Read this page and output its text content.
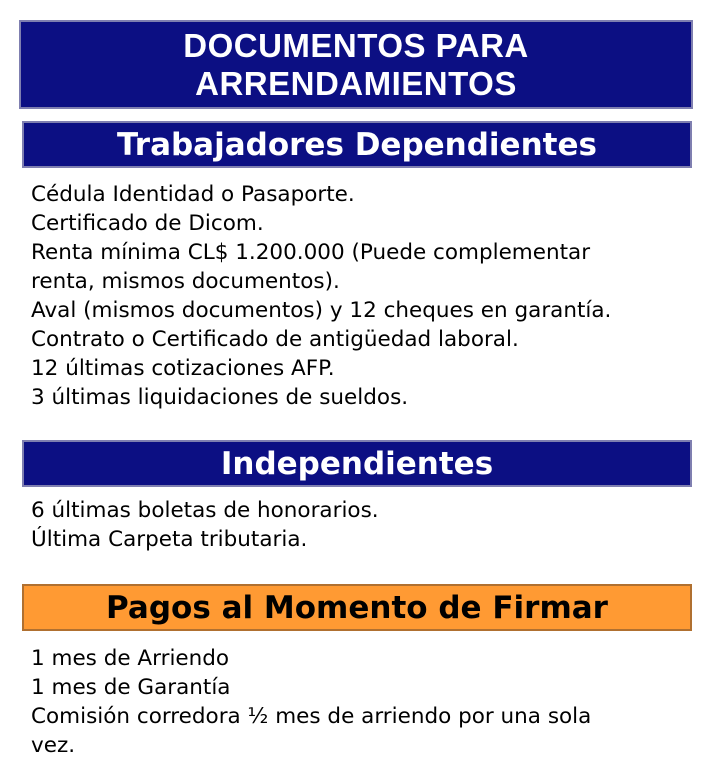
DOCUMENTOS PARA
ARRENDAMIENTOS
Trabajadores Dependientes
Cédula Identidad o Pasaporte.
Certificado de Dicom.
Renta mínima CL$ 1.200.000 (Puede complementar
renta, mismos documentos).
Aval (mismos documentos) y 12 cheques en garantía.
Contrato o Certificado de antigüedad laboral.
12 últimas cotizaciones AFP.
3 últimas liquidaciones de sueldos.
Independientes
6 últimas boletas de honorarios.
Última Carpeta tributaria.
Pagos al Momento de Firmar
1 mes de Arriendo
1 mes de Garantía
Comisión corredora ½ mes de arriendo por una sola
vez.
